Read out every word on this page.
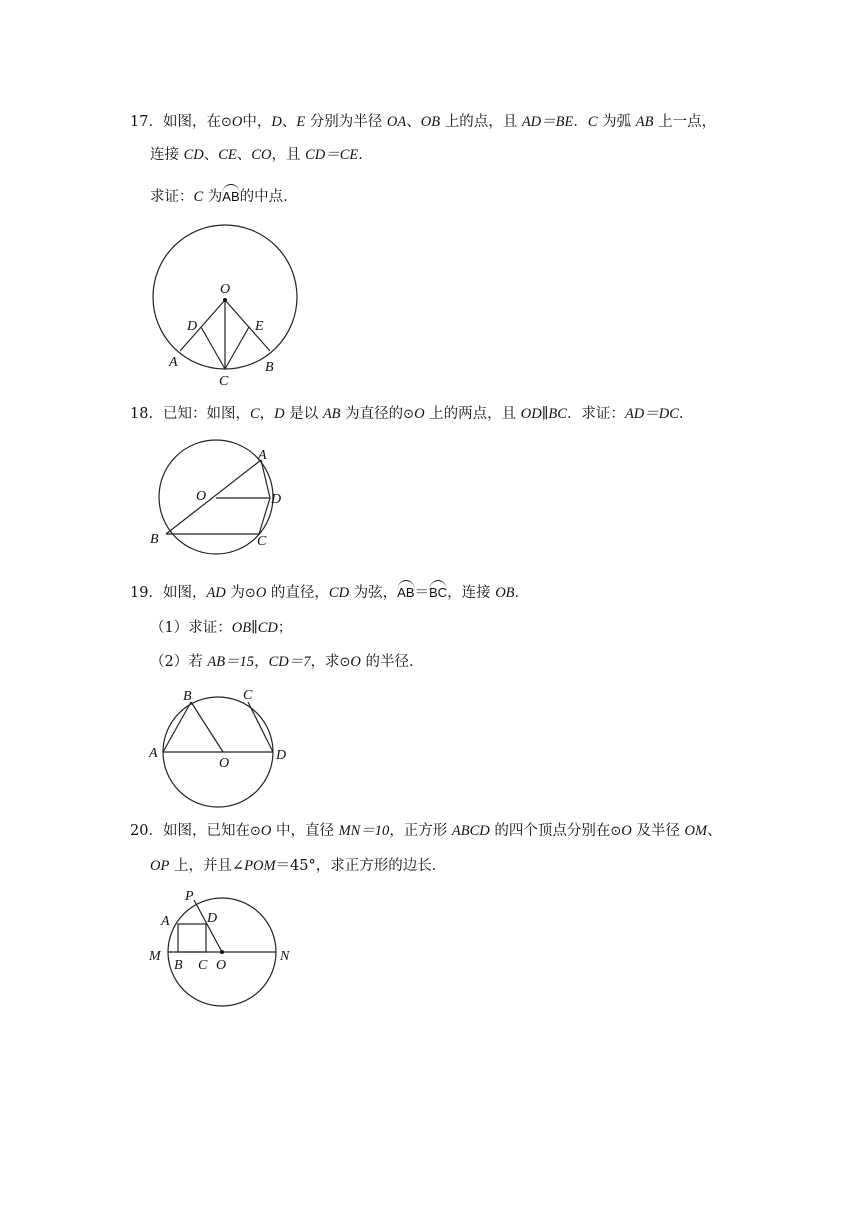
17．如图，在⊙O中，D、E 分别为半径 OA、OB 上的点，且 AD＝BE．C 为弧 AB 上一点，
连接 CD、CE、CO，且 CD＝CE．
求证：C 为AB的中点．
O
D	E
A	B
C
18．已知：如图，C，D 是以 AB 为直径的⊙O 上的两点，且 OD∥BC．求证：AD＝DC．
A
O	D
B	C
19．如图，AD 为⊙O 的直径，CD 为弦，AB＝BC，连接 OB．
（1）求证：OB∥CD；
（2）若 AB＝15，CD＝7，求⊙O 的半径．
B	C
A
O
D
20．如图，已知在⊙O 中，直径 MN＝10，正方形 ABCD 的四个顶点分别在⊙O 及半径 OM、
OP 上，并且∠POM＝45°，求正方形的边长．
P
A	D
M
B C O
N
